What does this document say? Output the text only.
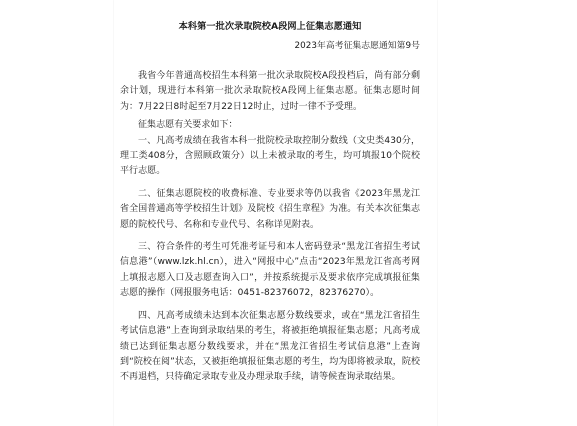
本科第一批次录取院校A段网上征集志愿通知

2023年高考征集志愿通知第9号

我省今年普通高校招生本科第一批次录取院校A段投档后，尚有部分剩余计划，现进行本科第一批次录取院校A段网上征集志愿。征集志愿时间为：7月22日8时起至7月22日12时止，过时一律不予受理。

征集志愿有关要求如下：

一、凡高考成绩在我省本科一批院校录取控制分数线（文史类430分，理工类408分，含照顾政策分）以上未被录取的考生，均可填报10个院校平行志愿。

二、征集志愿院校的收费标准、专业要求等仍以我省《2023年黑龙江省全国普通高等学校招生计划》及院校《招生章程》为准。有关本次征集志愿的院校代号、名称和专业代号、名称详见附表。

三、符合条件的考生可凭准考证号和本人密码登录“黑龙江省招生考试信息港”（www.lzk.hl.cn），进入“网报中心”点击“2023年黑龙江省高考网上填报志愿入口及志愿查询入口”，并按系统提示及要求依序完成填报征集志愿的操作（网报服务电话：0451-82376072，82376270）。

四、凡高考成绩未达到本次征集志愿分数线要求，或在“黑龙江省招生考试信息港”上查询到录取结果的考生，将被拒绝填报征集志愿；凡高考成绩已达到征集志愿分数线要求，并在“黑龙江省招生考试信息港”上查询到“院校在阅”状态，又被拒绝填报征集志愿的考生，均为即将被录取，院校不再退档，只待确定录取专业及办理录取手续，请等候查询录取结果。
